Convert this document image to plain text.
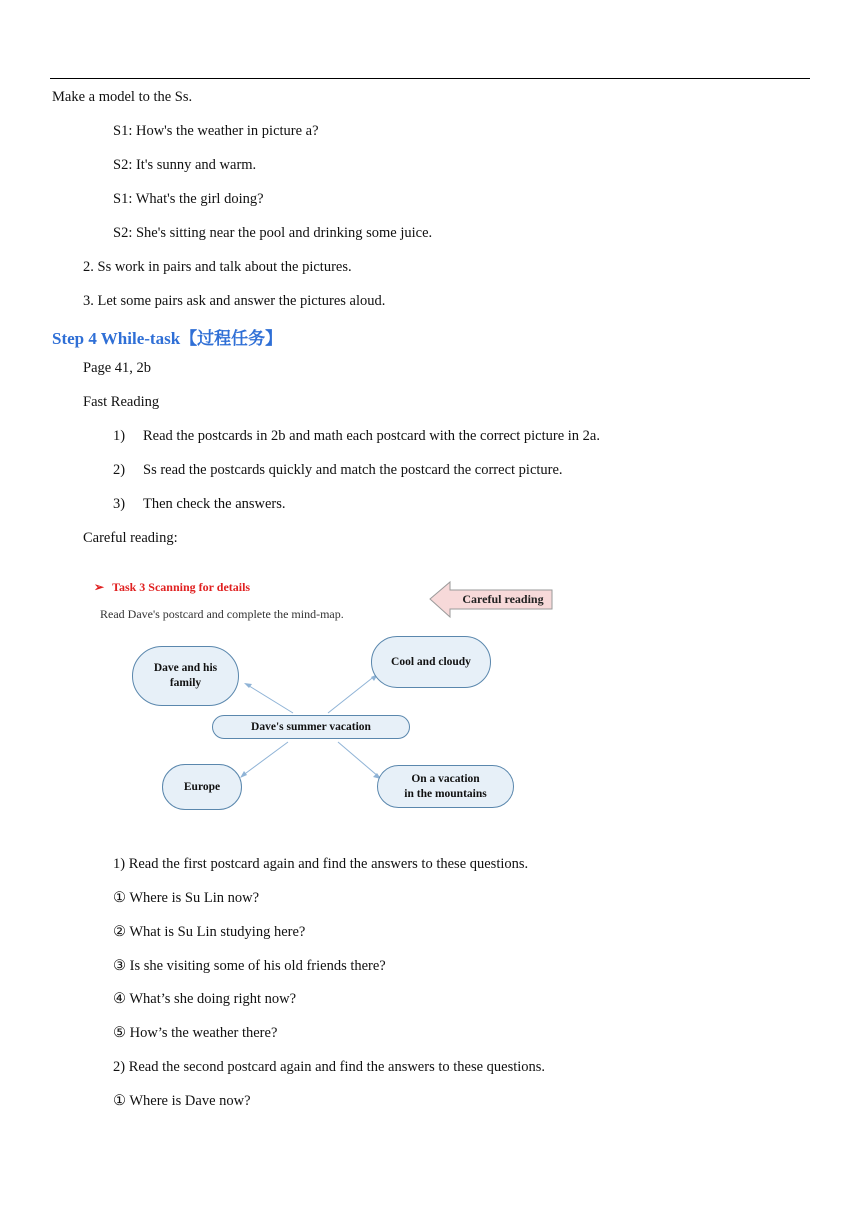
Make a model to the Ss.
S1: How's the weather in picture a?
S2: It's sunny and warm.
S1: What's the girl doing?
S2: She's sitting near the pool and drinking some juice.
2. Ss work in pairs and talk about the pictures.
3. Let some pairs ask and answer the pictures aloud.
Step 4 While-task【过程任务】
Page 41, 2b
Fast Reading
1) Read the postcards in 2b and math each postcard with the correct picture in 2a.
2) Ss read the postcards quickly and match the postcard the correct picture.
3) Then check the answers.
Careful reading:
➢ Task 3 Scanning for details
Read Dave's postcard and complete the mind-map.
Careful reading
Dave's summer vacation
Dave and his
family
Cool and cloudy
Europe
On a vacation
in the mountains
1) Read the first postcard again and find the answers to these questions.
① Where is Su Lin now?
② What is Su Lin studying here?
③ Is she visiting some of his old friends there?
④ What’s she doing right now?
⑤ How’s the weather there?
2) Read the second postcard again and find the answers to these questions.
① Where is Dave now?
